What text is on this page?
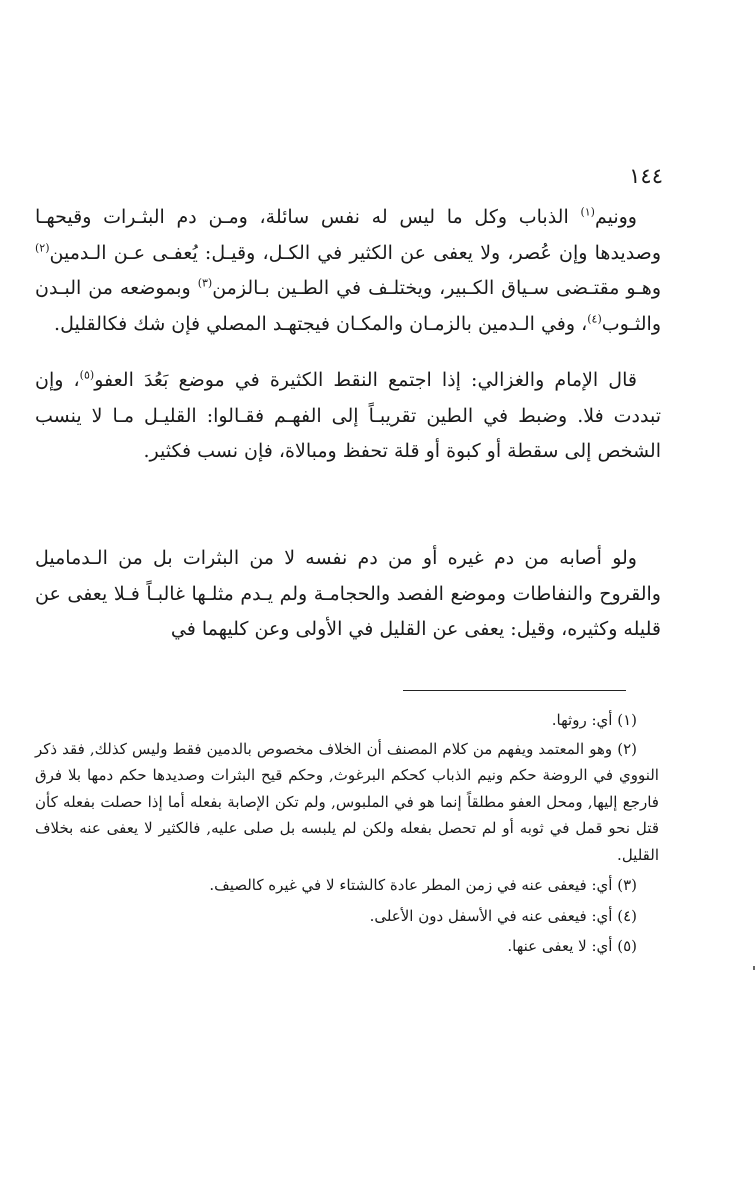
١٤٤

وونيم$^{(١)}$ الذباب وكل ما ليس له نفس سائلة، ومـن دم البثـرات وقيحهـا وصديدها وإن عُصر، ولا يعفى عن الكثير في الكـل، وقيـل: يُعفـى عـن الـدمين$^{(٢)}$ وهـو مقتـضى سـياق الكـبير، ويختلـف في الطـين بـالزمن$^{(٣)}$ وبموضعه من البـدن والثـوب$^{(٤)}$، وفي الـدمين بالزمـان والمكـان فيجتهـد المصلي فإن شك فكالقليل.

قال الإمام والغزالي: إذا اجتمع النقط الكثيرة في موضع بَعُدَ العفو$^{(٥)}$، وإن تبددت فلا. وضبط في الطين تقريبـاً إلى الفهـم فقـالوا: القليـل مـا لا ينسب الشخص إلى سقطة أو كبوة أو قلة تحفظ ومبالاة، فإن نسب فكثير.

ولو أصابه من دم غيره أو من دم نفسه لا من البثرات بل من الـدماميل والقروح والنفاطات وموضع الفصد والحجامـة ولم يـدم مثلـها غالبـاً فـلا يعفى عن قليله وكثيره، وقيل: يعفى عن القليل في الأولى وعن كليهما في

(١) أي: روثها.

(٢) وهو المعتمد ويفهم من كلام المصنف أن الخلاف مخصوص بالدمين فقط وليس كذلك, فقد ذكر النووي في الروضة حكم ونيم الذباب كحكم البرغوث, وحكم قيح البثرات وصديدها حكم دمها بلا فرق فارجع إليها, ومحل العفو مطلقاً إنما هو في الملبوس, ولم تكن الإصابة بفعله أما إذا حصلت بفعله كأن قتل نحو قمل في ثوبه أو لم تحصل بفعله ولكن لم يلبسه بل صلى عليه, فالكثير لا يعفى عنه بخلاف القليل.

(٣) أي: فيعفى عنه في زمن المطر عادة كالشتاء لا في غيره كالصيف.

(٤) أي: فيعفى عنه في الأسفل دون الأعلى.

(٥) أي: لا يعفى عنها.
